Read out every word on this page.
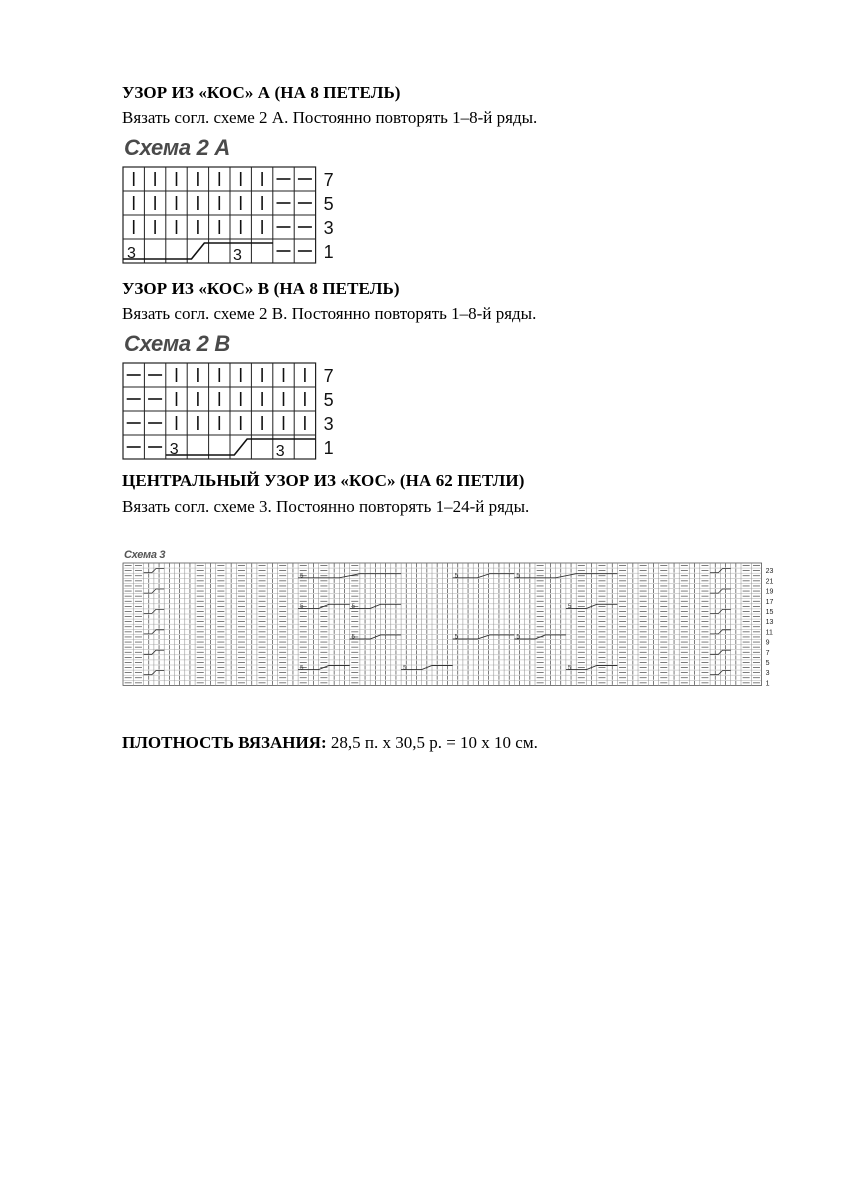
УЗОР ИЗ «КОС» А (НА 8 ПЕТЕЛЬ)
Вязать согл. схеме 2 А. Постоянно повторять 1–8-й ряды.
Схема 2 А
3	3	1
3
5
7
УЗОР ИЗ «КОС» В (НА 8 ПЕТЕЛЬ)
Вязать согл. схеме 2 В. Постоянно повторять 1–8-й ряды.
Схема 2 В
3	3 1
3
5
7
ЦЕНТРАЛЬНЫЙ УЗОР ИЗ «КОС» (НА 62 ПЕТЛИ)
Вязать согл. схеме 3. Постоянно повторять 1–24-й ряды.
Схема 3
5	5	5
5	5	5
5	5	5
5	5	5
1
3
5
7
9
11
13
15
17
19
21
23
ПЛОТНОСТЬ ВЯЗАНИЯ: 28,5 п. х 30,5 р. = 10 х 10 см.
